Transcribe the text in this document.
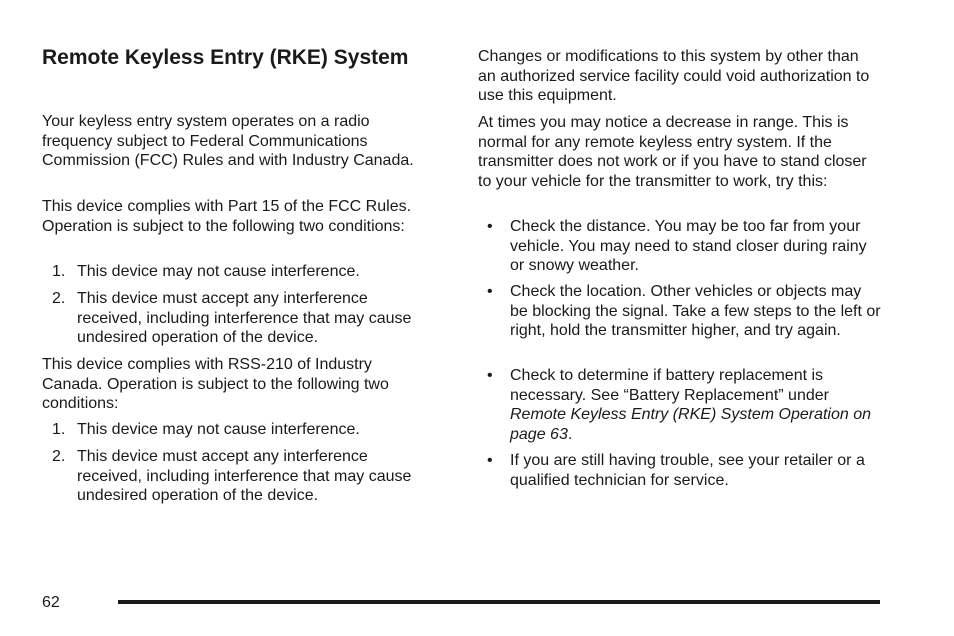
Remote Keyless Entry (RKE) System

Your keyless entry system operates on a radio frequency subject to Federal Communications Commission (FCC) Rules and with Industry Canada.

This device complies with Part 15 of the FCC Rules. Operation is subject to the following two conditions:

1. This device may not cause interference.

2. This device must accept any interference received, including interference that may cause undesired operation of the device.

This device complies with RSS-210 of Industry Canada. Operation is subject to the following two conditions:

1. This device may not cause interference.

2. This device must accept any interference received, including interference that may cause undesired operation of the device.

Changes or modifications to this system by other than an authorized service facility could void authorization to use this equipment.

At times you may notice a decrease in range. This is normal for any remote keyless entry system. If the transmitter does not work or if you have to stand closer to your vehicle for the transmitter to work, try this:

• Check the distance. You may be too far from your vehicle. You may need to stand closer during rainy or snowy weather.

• Check the location. Other vehicles or objects may be blocking the signal. Take a few steps to the left or right, hold the transmitter higher, and try again.

• Check to determine if battery replacement is necessary. See “Battery Replacement” under Remote Keyless Entry (RKE) System Operation on page 63.

• If you are still having trouble, see your retailer or a qualified technician for service.

62
